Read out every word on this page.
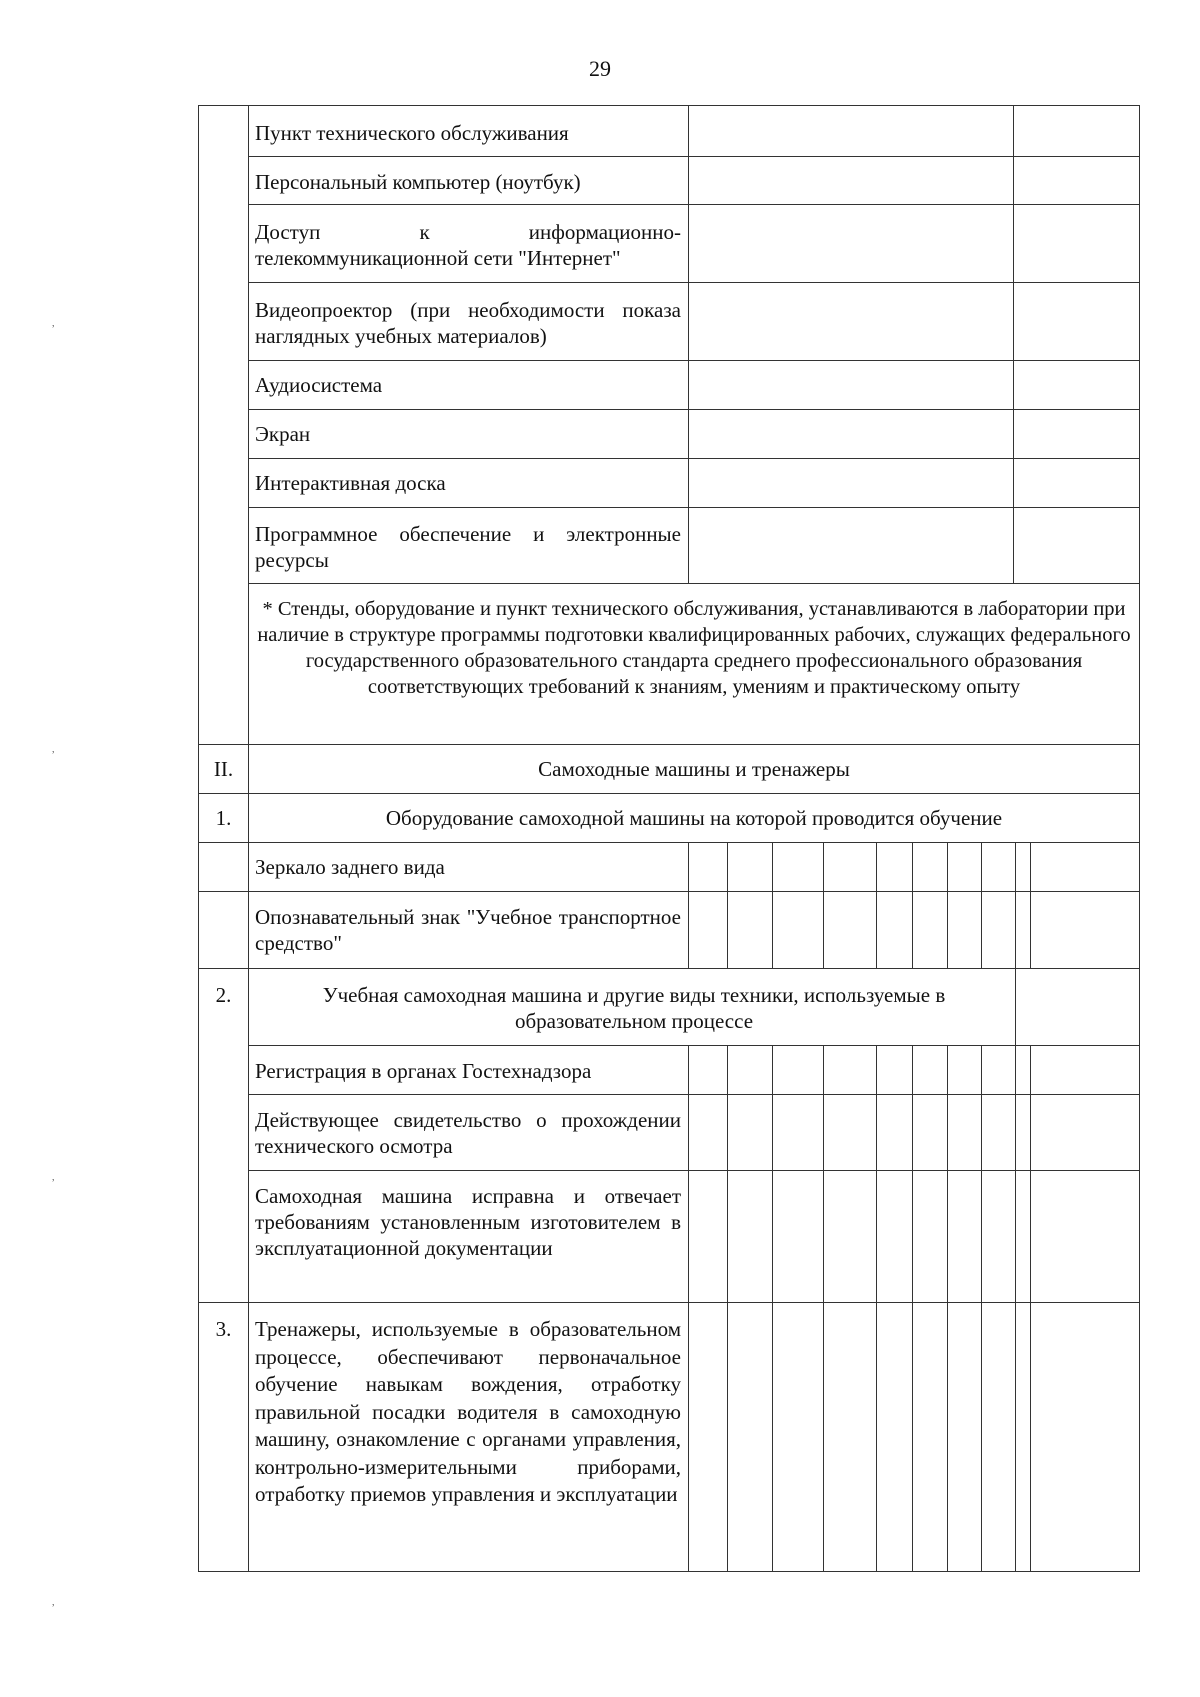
29
,
,
,
,
Пункт технического обслуживания
Персональный компьютер (ноутбук)
Доступ к информационно-телекоммуникационной сети "Интернет"
Видеопроектор (при необходимости показа наглядных учебных материалов)
Аудиосистема
Экран
Интерактивная доска
Программное обеспечение и электронные ресурсы
* Стенды, оборудование и пункт технического обслуживания, устанавливаются в лаборатории при наличие в структуре программы подготовки квалифицированных рабочих, служащих федерального государственного образовательного стандарта среднего профессионального образования соответствующих требований к знаниям, умениям и практическому опыту
II.	Самоходные машины и тренажеры
1.	Оборудование самоходной машины на которой проводится обучение
Зеркало заднего вида
Опознавательный знак "Учебное транспортное средство"
2.	Учебная самоходная машина и другие виды техники, используемые в образовательном процессе
Регистрация в органах Гостехнадзора
Действующее свидетельство о прохождении технического осмотра
Самоходная машина исправна и отвечает требованиям установленным изготовителем в эксплуатационной документации
3.	Тренажеры, используемые в образовательном процессе, обеспечивают первоначальное обучение навыкам вождения, отработку правильной посадки водителя в самоходную машину, ознакомление с органами управления, контрольно-измерительными приборами, отработку приемов управления и эксплуатации
